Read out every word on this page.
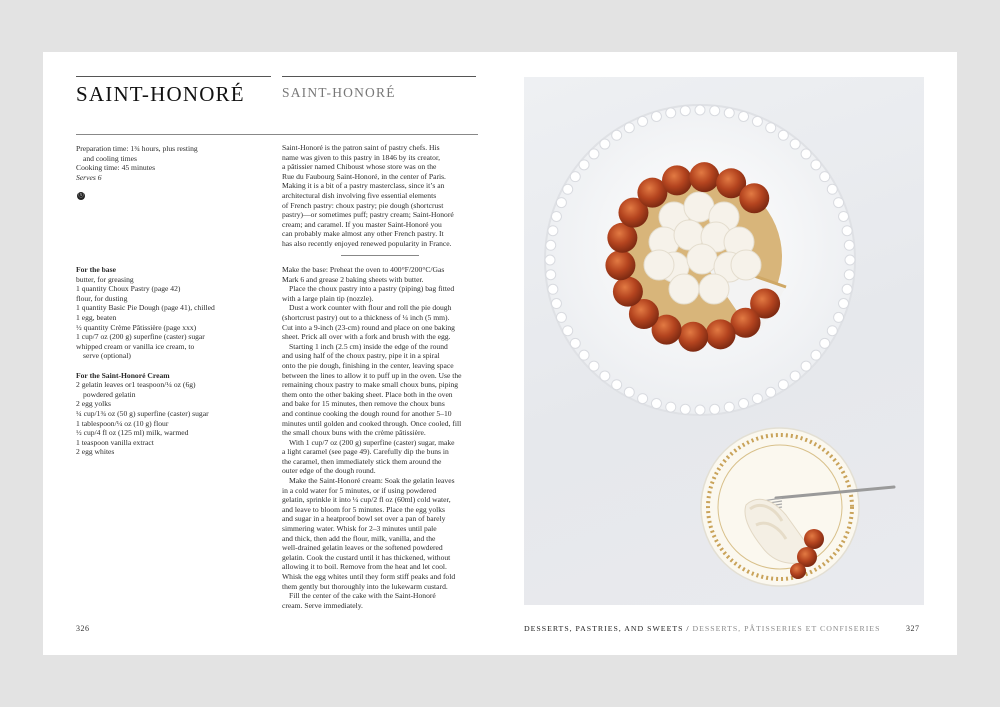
SAINT-HONORÉ	SAINT-HONORÉ
Preparation time: 1¾ hours, plus resting
and cooling times
Cooking time: 45 minutes
Serves 6
ⓧ
Saint-Honoré is the patron saint of pastry chefs. His
name was given to this pastry in 1846 by its creator,
a pâtissier named Chiboust whose store was on the
Rue du Faubourg Saint-Honoré, in the center of Paris.
Making it is a bit of a pastry masterclass, since it’s an
architectural dish involving five essential elements
of French pastry: choux pastry; pie dough (shortcrust
pastry)—or sometimes puff; pastry cream; Saint-Honoré
cream; and caramel. If you master Saint-Honoré you
can probably make almost any other French pastry. It
has also recently enjoyed renewed popularity in France.
For the base
butter, for greasing
1 quantity Choux Pastry (page 42)
flour, for dusting
1 quantity Basic Pie Dough (page 41), chilled
1 egg, beaten
½ quantity Crème Pâtissière (page xxx)
1 cup/7 oz (200 g) superfine (caster) sugar
whipped cream or vanilla ice cream, to
serve (optional)
For the Saint-Honoré Cream
2 gelatin leaves or1 teaspoon/¼ oz (6g)
powdered gelatin
2 egg yolks
¼ cup/1¾ oz (50 g) superfine (caster) sugar
1 tablespoon/¼ oz (10 g) flour
½ cup/4 fl oz (125 ml) milk, warmed
1 teaspoon vanilla extract
2 egg whites
Make the base: Preheat the oven to 400°F/200°C/Gas
Mark 6 and grease 2 baking sheets with butter.
Place the choux pastry into a pastry (piping) bag fitted
with a large plain tip (nozzle).
Dust a work counter with flour and roll the pie dough
(shortcrust pastry) out to a thickness of ¼ inch (5 mm).
Cut into a 9-inch (23-cm) round and place on one baking
sheet. Prick all over with a fork and brush with the egg.
Starting 1 inch (2.5 cm) inside the edge of the round
and using half of the choux pastry, pipe it in a spiral
onto the pie dough, finishing in the center, leaving space
between the lines to allow it to puff up in the oven. Use the
remaining choux pastry to make small choux buns, piping
them onto the other baking sheet. Place both in the oven
and bake for 15 minutes, then remove the choux buns
and continue cooking the dough round for another 5–10
minutes until golden and cooked through. Once cooled, fill
the small choux buns with the crème pâtissière.
With 1 cup/7 oz (200 g) superfine (caster) sugar, make
a light caramel (see page 49). Carefully dip the buns in
the caramel, then immediately stick them around the
outer edge of the dough round.
Make the Saint-Honoré cream: Soak the gelatin leaves
in a cold water for 5 minutes, or if using powdered
gelatin, sprinkle it into ¼ cup/2 fl oz (60ml) cold water,
and leave to bloom for 5 minutes. Place the egg yolks
and sugar in a heatproof bowl set over a pan of barely
simmering water. Whisk for 2–3 minutes until pale
and thick, then add the flour, milk, vanilla, and the
well-drained gelatin leaves or the softened powdered
gelatin. Cook the custard until it has thickened, without
allowing it to boil. Remove from the heat and let cool.
Whisk the egg whites until they form stiff peaks and fold
them gently but thoroughly into the lukewarm custard.
Fill the center of the cake with the Saint-Honoré
cream. Serve immediately.
326	DESSERTS, PASTRIES, AND SWEETS / DESSERTS, PÂTISSERIES ET CONFISERIES	327
